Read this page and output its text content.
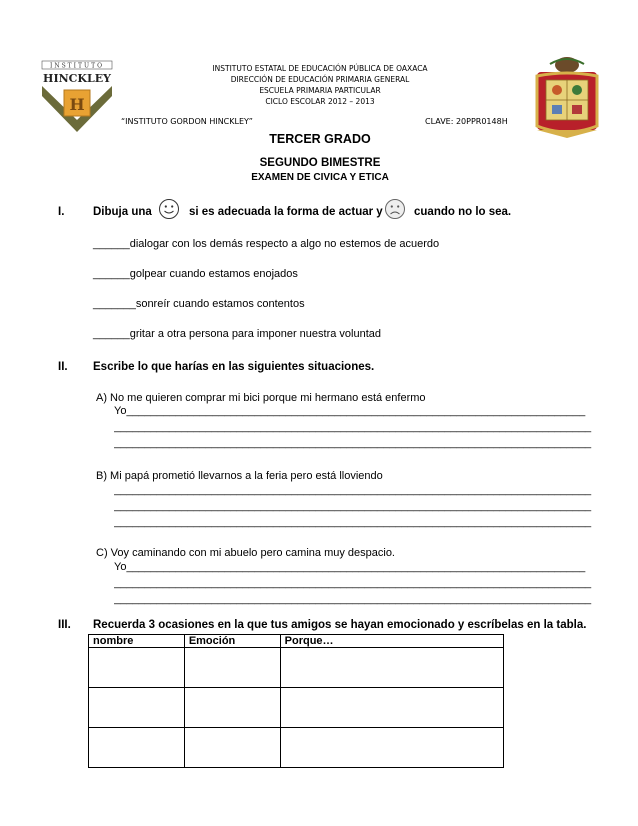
INSTITUTO
HINCKLEY
H
INSTITUTO ESTATAL DE EDUCACIÓN PÚBLICA DE OAXACA
DIRECCIÓN DE EDUCACIÓN PRIMARIA GENERAL
ESCUELA PRIMARIA PARTICULAR
CICLO ESCOLAR 2012 – 2013
“INSTITUTO GORDON HINCKLEY”	CLAVE: 20PPR0148H
TERCER GRADO
SEGUNDO BIMESTRE
EXAMEN DE CIVICA Y ETICA
I. Dibuja una	si es adecuada la forma de actuar y	cuando no lo sea.
______dialogar con los demás respecto a algo no estemos de acuerdo
______golpear cuando estamos enojados
_______sonreír cuando estamos contentos
______gritar a otra persona para imponer nuestra voluntad
II. Escribe lo que harías en las siguientes situaciones.
A) No me quieren comprar mi bici porque mi hermano está enfermo
Yo___________________________________________________________________________
______________________________________________________________________________
______________________________________________________________________________
B) Mi papá prometió llevarnos a la feria pero está lloviendo
______________________________________________________________________________
______________________________________________________________________________
______________________________________________________________________________
C) Voy caminando con mi abuelo pero camina muy despacio.
Yo___________________________________________________________________________
______________________________________________________________________________
______________________________________________________________________________
III. Recuerda 3 ocasiones en la que tus amigos se hayan emocionado y escríbelas en la tabla.
nombre	Emoción	Porque…
